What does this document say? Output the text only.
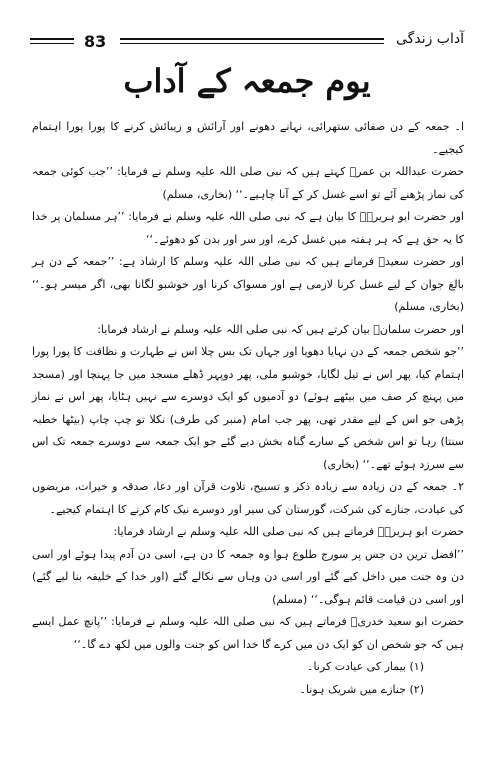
83	آداب زندگی
یوم جمعہ کے آداب

ا۔ جمعہ کے دن صفائی ستھرائی، نہانے دھونے اور آرائش و زیبائش کرنے کا پورا پورا اہتمام کیجیے۔

حضرت عبداللہ بن عمرؓ کہتے ہیں کہ نبی صلی اللہ علیہ وسلم نے فرمایا: ’’جب کوئی جمعہ کی نماز پڑھنے آئے تو اسے غسل کر کے آنا چاہیے۔‘‘ (بخاری، مسلم)

اور حضرت ابو ہریرہؓ کا بیان ہے کہ نبی صلی اللہ علیہ وسلم نے فرمایا: ’’ہر مسلمان پر خدا کا یہ حق ہے کہ ہر ہفتہ میں غسل کرے، اور سر اور بدن کو دھوئے۔‘‘

اور حضرت سعیدؓ فرماتے ہیں کہ نبی صلی اللہ علیہ وسلم کا ارشاد ہے: ’’جمعہ کے دن ہر بالغ جوان کے لیے غسل کرنا لازمی ہے اور مسواک کرنا اور خوشبو لگانا بھی، اگر میسر ہو۔‘‘ (بخاری، مسلم)

اور حضرت سلمانؓ بیان کرتے ہیں کہ نبی صلی اللہ علیہ وسلم نے ارشاد فرمایا:

’’جو شخص جمعہ کے دن نہایا دھویا اور جہاں تک بس چلا اس نے طہارت و نظافت کا پورا پورا اہتمام کیا، پھر اس نے تیل لگایا، خوشبو ملی، پھر دوپہر ڈھلے مسجد میں جا پہنچا اور (مسجد میں پہنچ کر صف میں بیٹھے ہوئے) دو آدمیوں کو ایک دوسرے سے نہیں ہٹایا، پھر اس نے نماز پڑھی جو اس کے لیے مقدر تھی، پھر جب امام (منبر کی طرف) نکلا تو چپ چاپ (بیٹھا خطبہ سنتا) رہا تو اس شخص کے سارے گناہ بخش دیے گئے جو ایک جمعہ سے دوسرے جمعہ تک اس سے سرزد ہوئے تھے۔‘‘ (بخاری)

۲۔ جمعہ کے دن زیادہ سے زیادہ ذکر و تسبیح، تلاوت قرآن اور دعا، صدقہ و خیرات، مریضوں کی عیادت، جنازے کی شرکت، گورستان کی سیر اور دوسرے نیک کام کرنے کا اہتمام کیجیے۔

حضرت ابو ہریرہؓ فرماتے ہیں کہ نبی صلی اللہ علیہ وسلم نے ارشاد فرمایا:

’’افضل ترین دن جس پر سورج طلوع ہوا وہ جمعہ کا دن ہے، اسی دن آدم پیدا ہوئے اور اسی دن وہ جنت میں داخل کیے گئے اور اسی دن وہاں سے نکالے گئے (اور خدا کے خلیفہ بنا لیے گئے) اور اسی دن قیامت قائم ہوگی۔‘‘ (مسلم)

حضرت ابو سعید خدریؓ فرماتے ہیں کہ نبی صلی اللہ علیہ وسلم نے فرمایا: ’’پانچ عمل ایسے ہیں کہ جو شخص ان کو ایک دن میں کرے گا خدا اس کو جنت والوں میں لکھ دے گا۔‘‘

(۱) بیمار کی عیادت کرنا۔

(۲) جنازے میں شریک ہونا۔
